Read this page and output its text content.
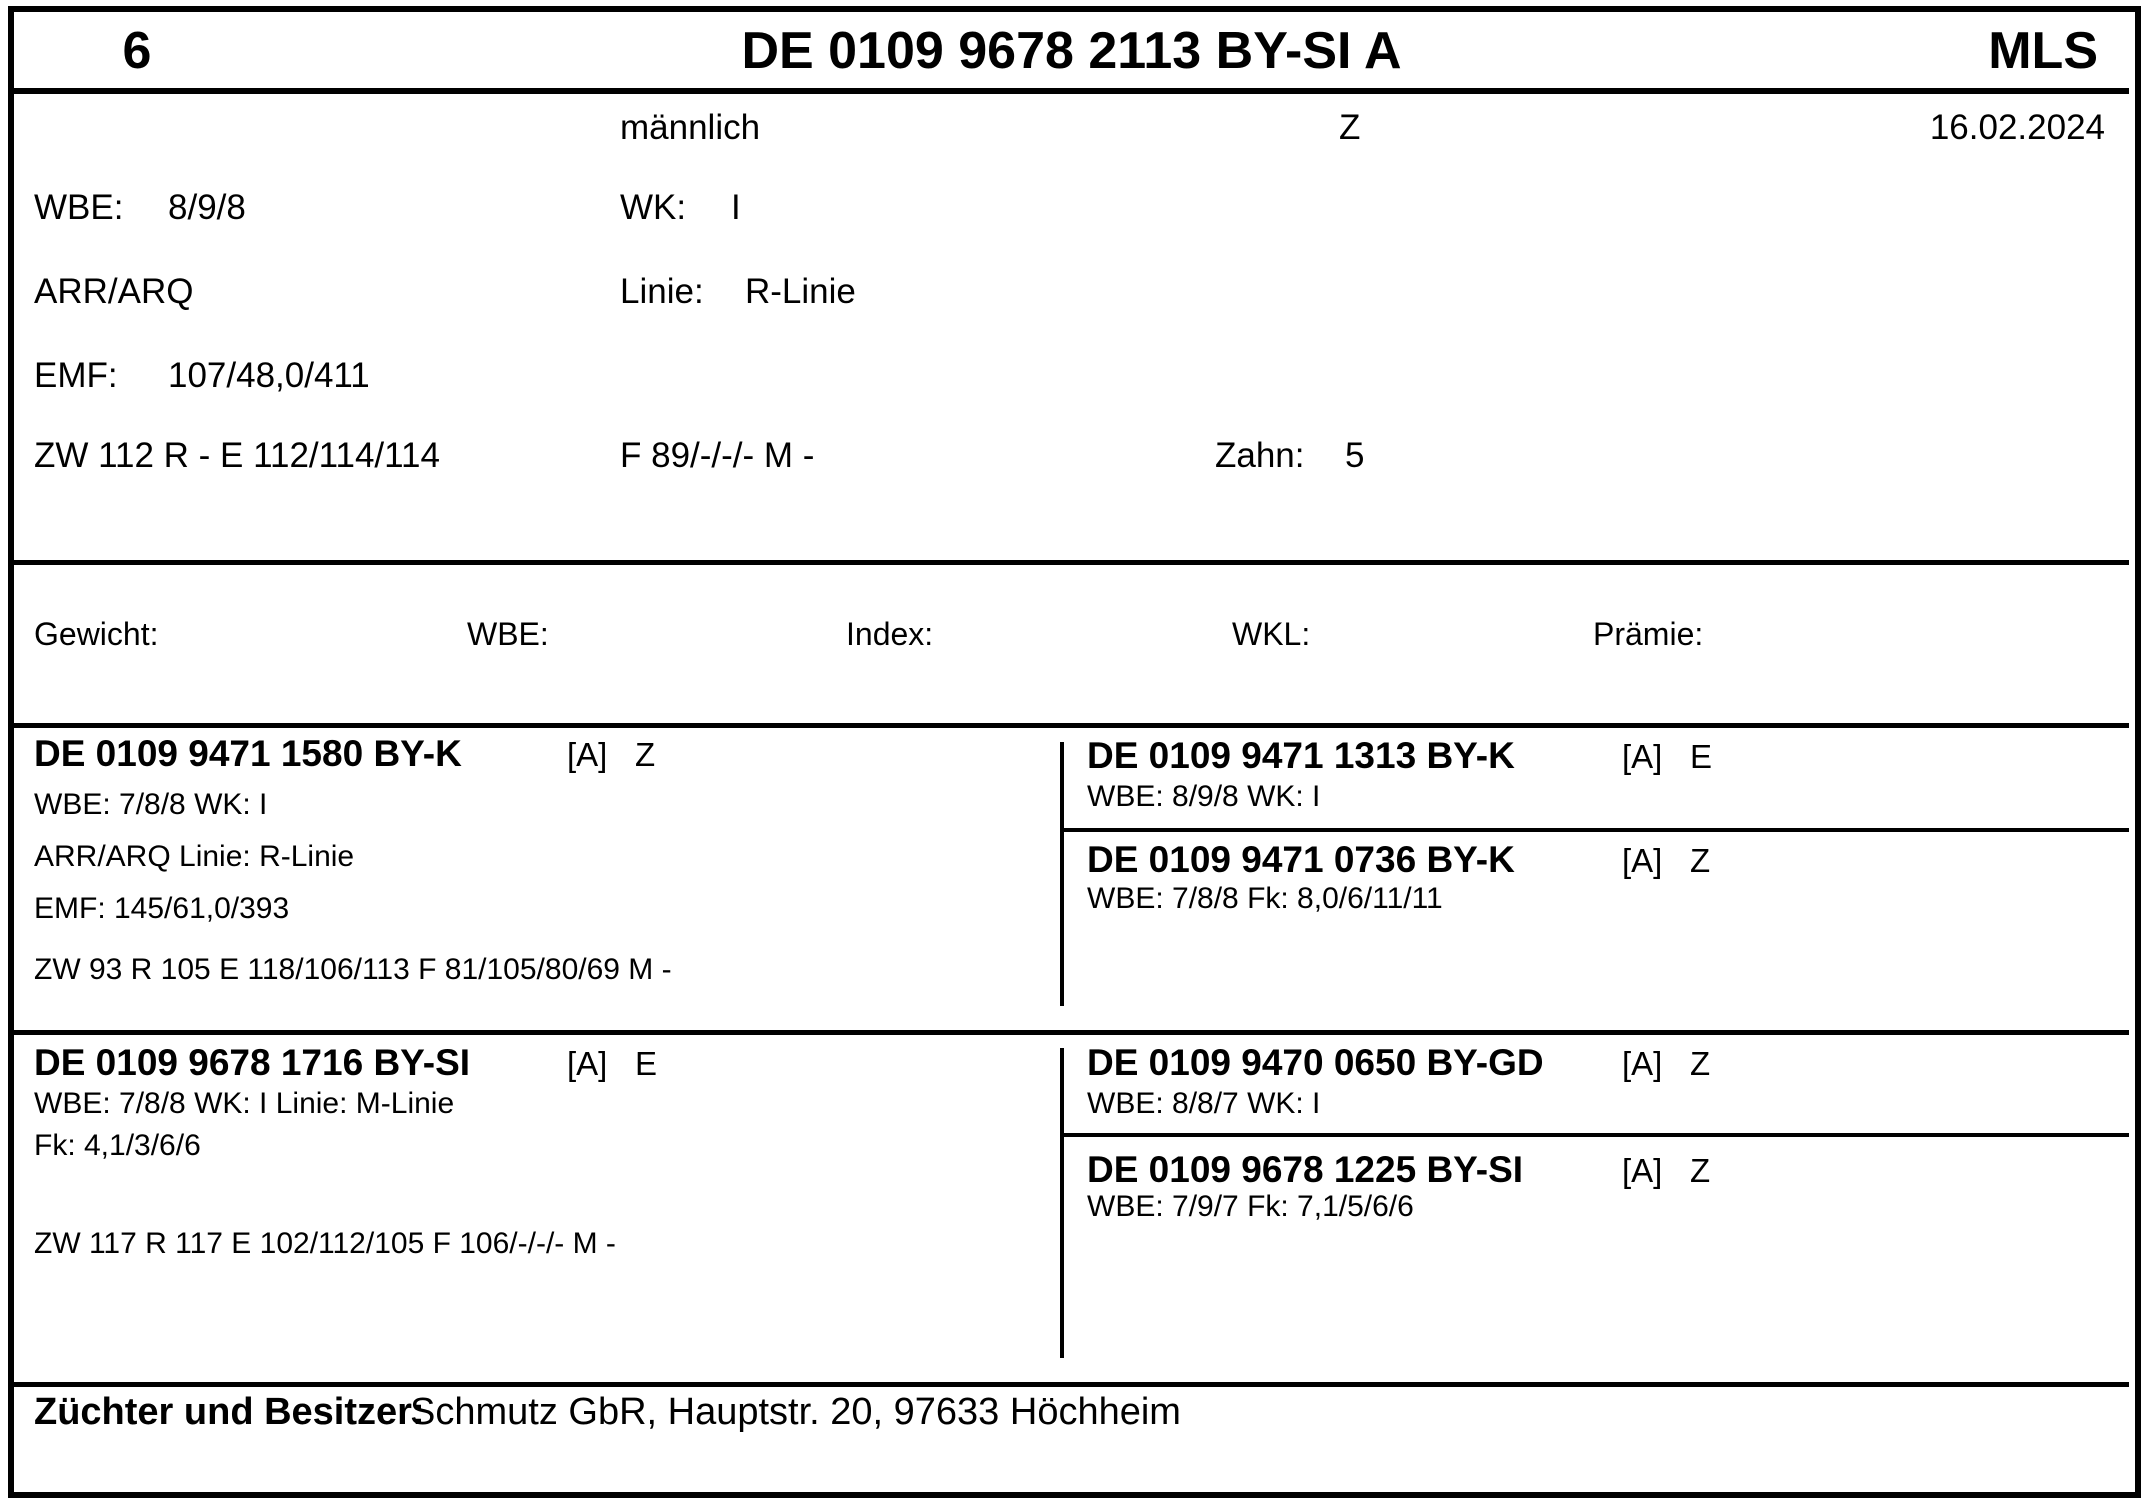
6	DE 0109 9678 2113 BY-SI A	MLS
männlich	Z	16.02.2024
WBE: 8/9/8	WK: I
ARR/ARQ	Linie: R-Linie
EMF: 107/48,0/411
ZW 112 R - E 112/114/114	F 89/-/-/- M -	Zahn: 5
Gewicht:	WBE:	Index:	WKL:	Prämie:
DE 0109 9471 1580 BY-K	[A] Z
WBE: 7/8/8 WK: I
ARR/ARQ Linie: R-Linie
EMF: 145/61,0/393
ZW 93 R 105 E 118/106/113 F 81/105/80/69 M -
DE 0109 9471 1313 BY-K	[A] E
WBE: 8/9/8 WK: I
DE 0109 9471 0736 BY-K	[A] Z
WBE: 7/8/8 Fk: 8,0/6/11/11
DE 0109 9678 1716 BY-SI	[A] E
WBE: 7/8/8 WK: I Linie: M-Linie
Fk: 4,1/3/6/6
ZW 117 R 117 E 102/112/105 F 106/-/-/- M -
DE 0109 9470 0650 BY-GD [A] Z
WBE: 8/8/7 WK: I
DE 0109 9678 1225 BY-SI	[A] Z
WBE: 7/9/7 Fk: 7,1/5/6/6
Züchter und Besitzer:
Schmutz GbR, Hauptstr. 20, 97633 Höchheim
